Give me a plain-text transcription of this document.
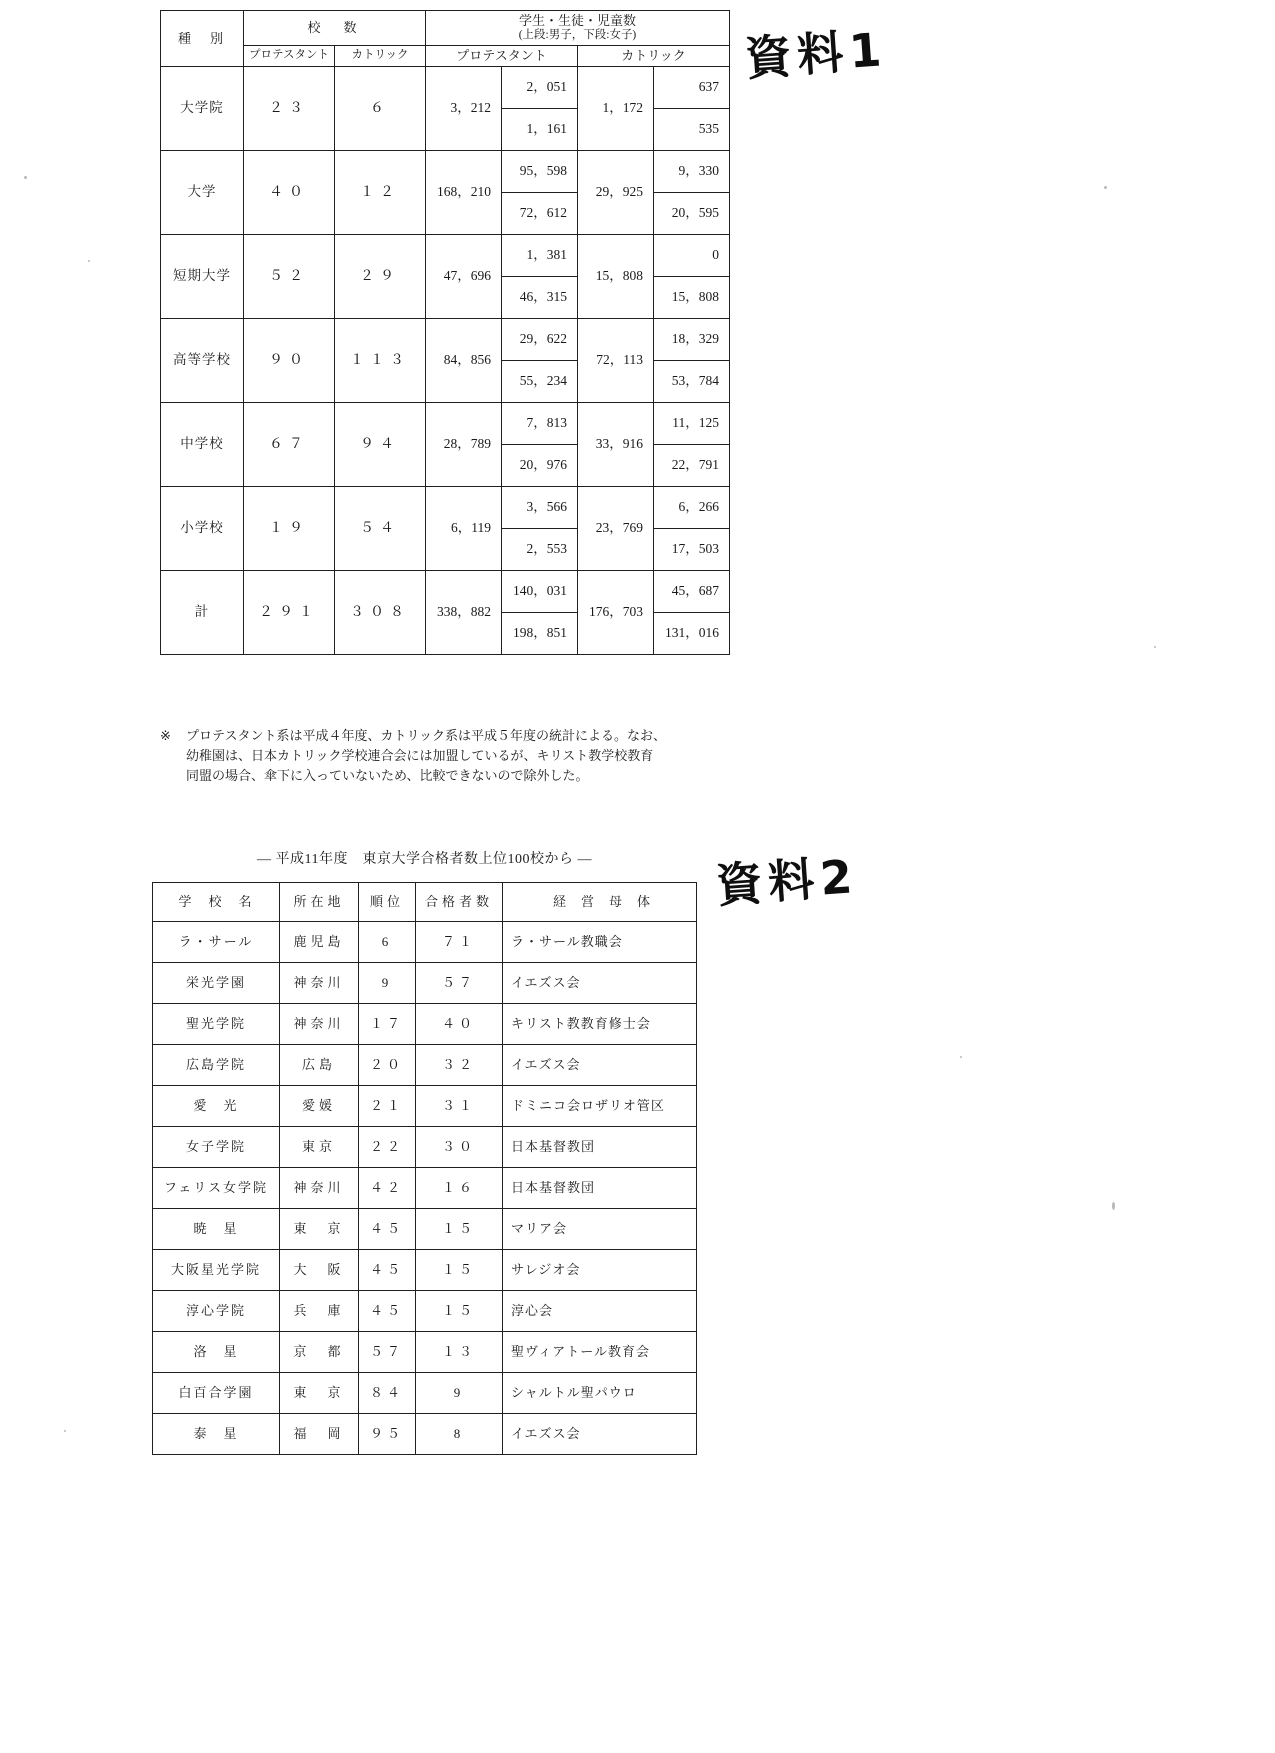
資料1
資料2
種　別	校　数		学生・生徒・児童数
(上段:男子，下段:女子)			

	プロテスタント	カトリック	プロテスタント		カトリック	
大学院	２３	６	3，212	2，051	1，172	637
				1，161		535
大学	４０	１２	168，210	95，598	29，925	9，330
				72，612		20，595
短期大学	５２	２９	47，696	1，381	15，808	0
				46，315		15，808
高等学校	９０	１１３	84，856	29，622	72，113	18，329
				55，234		53，784
中学校	６７	９４	28，789	7，813	33，916	11，125
				20，976		22，791
小学校	１９	５４	6，119	3，566	23，769	6，266
				2，553		17，503
計	２９１	３０８	338，882	140，031	176，703	45，687
				198，851		131，016
※ プロテスタント系は平成４年度、カトリック系は平成５年度の統計による。なお、
幼稚園は、日本カトリック学校連合会には加盟しているが、キリスト教学校教育
同盟の場合、傘下に入っていないため、比較できないので除外した。
— 平成11年度　東京大学合格者数上位100校から —
学　校　名	所在地	順位	合格者数	経　営　母　体
ラ・サール	鹿児島	6	７１	ラ・サール教職会
栄光学園	神奈川	9	５７	イエズス会
聖光学院	神奈川	１７	４０	キリスト教教育修士会
広島学院	広島	２０	３２	イエズス会
愛　光	愛媛	２１	３１	ドミニコ会ロザリオ管区
女子学院	東京	２２	３０	日本基督教団
フェリス女学院	神奈川	４２	１６	日本基督教団
暁　星	東　京	４５	１５	マリア会
大阪星光学院	大　阪	４５	１５	サレジオ会
淳心学院	兵　庫	４５	１５	淳心会
洛　星	京　都	５７	１３	聖ヴィアトール教育会
白百合学園	東　京	８４	9	シャルトル聖パウロ
泰　星	福　岡	９５	8	イエズス会
